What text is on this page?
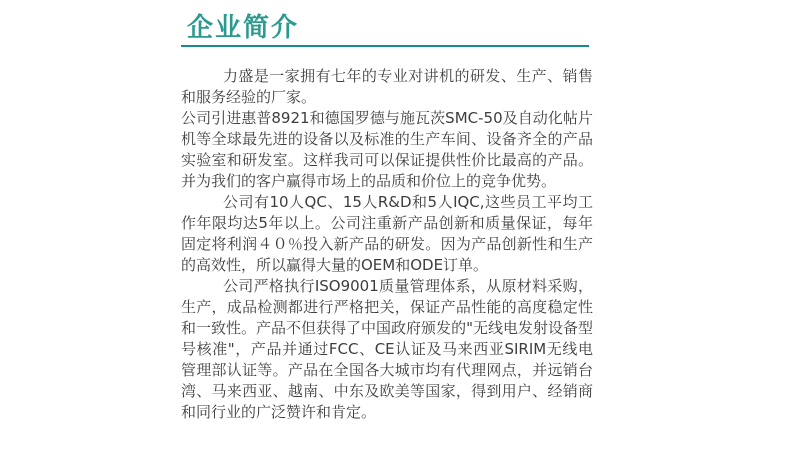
企业简介

力盛是一家拥有七年的专业对讲机的研发、生产、销售和服务经验的厂家。

公司引进惠普8921和德国罗德与施瓦茨SMC-50及自动化帖片机等全球最先进的设备以及标准的生产车间、设备齐全的产品实验室和研发室。这样我司可以保证提供性价比最高的产品。并为我们的客户赢得市场上的品质和价位上的竞争优势。

公司有10人QC、15人R&D和5人IQC,这些员工平均工作年限均达5年以上。公司注重新产品创新和质量保证，每年固定将利润４０％投入新产品的研发。因为产品创新性和生产的高效性，所以赢得大量的OEM和ODE订单。

公司严格执行ISO9001质量管理体系，从原材料采购，生产，成品检测都进行严格把关，保证产品性能的高度稳定性和一致性。产品不但获得了中国政府颁发的"无线电发射设备型号核准"，产品并通过FCC、CE认证及马来西亚SIRIM无线电管理部认证等。产品在全国各大城市均有代理网点，并远销台湾、马来西亚、越南、中东及欧美等国家，得到用户、经销商和同行业的广泛赞许和肯定。
